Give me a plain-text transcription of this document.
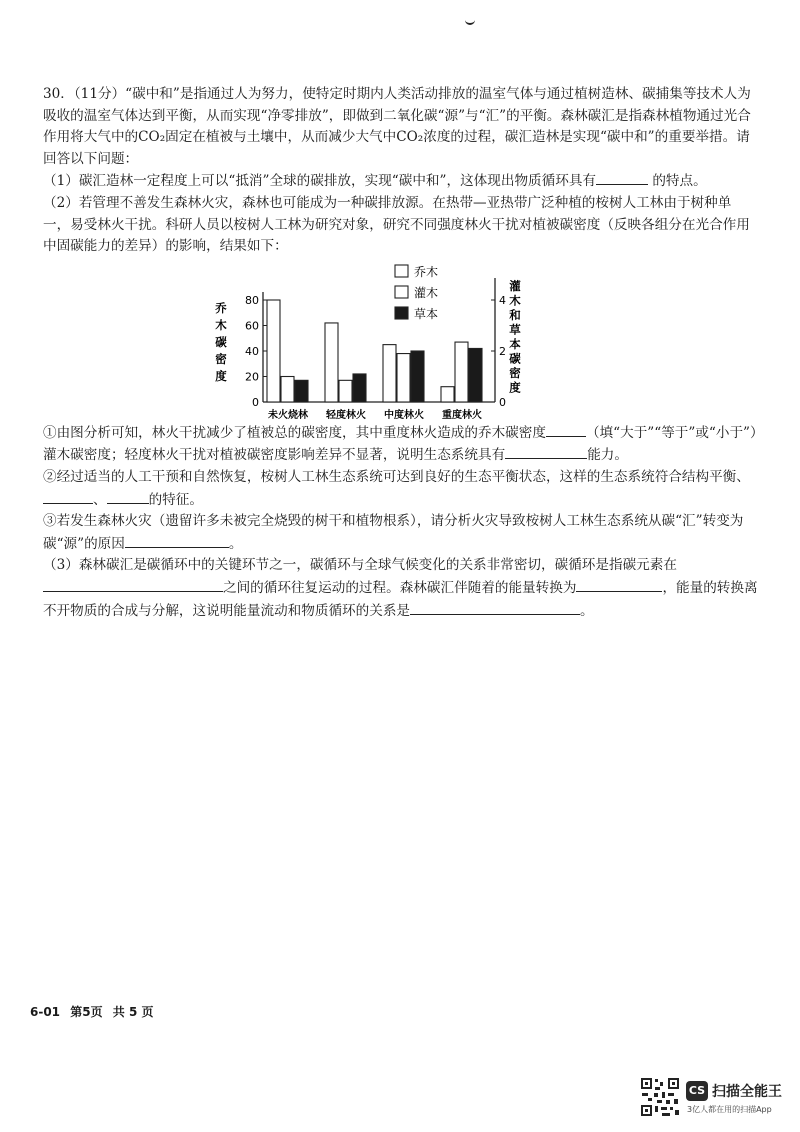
30．（11分）“碳中和”是指通过人为努力，使特定时期内人类活动排放的温室气体与通过植树造林、碳捕集等技术人为吸收的温室气体达到平衡，从而实现“净零排放”，即做到二氧化碳“源”与“汇”的平衡。森林碳汇是指森林植物通过光合作用将大气中的CO₂固定在植被与土壤中，从而减少大气中CO₂浓度的过程，碳汇造林是实现“碳中和”的重要举措。请回答以下问题：

（1）碳汇造林一定程度上可以“抵消”全球的碳排放，实现“碳中和”，这体现出物质循环具有	的特点。

（2）若管理不善发生森林火灾，森林也可能成为一种碳排放源。在热带—亚热带广泛种植的桉树人工林由于树种单一，易受林火干扰。科研人员以桉树人工林为研究对象，研究不同强度林火干扰对植被碳密度（反映各组分在光合作用中固碳能力的差异）的影响，结果如下：

0
20
40
60
80
0
2
4
乔
木
碳
密
度
灌
木
和
草
本
碳
密
度
未火烧林 轻度林火 中度林火 重度林火
乔木
灌木
草本

①由图分析可知，林火干扰减少了植被总的碳密度，其中重度林火造成的乔木碳密度	（填“大于”“等于”或“小于”）灌木碳密度；轻度林火干扰对植被碳密度影响差异不显著，说明生态系统具有	能力。

②经过适当的人工干预和自然恢复，桉树人工林生态系统可达到良好的生态平衡状态，这样的生态系统符合结构平衡、、	的特征。

③若发生森林火灾（遗留许多未被完全烧毁的树干和植物根系），请分析火灾导致桉树人工林生态系统从碳“汇”转变为碳“源”的原因	。

（3）森林碳汇是碳循环中的关键环节之一，碳循环与全球气候变化的关系非常密切，碳循环是指碳元素在之间的循环往复运动的过程。森林碳汇伴随着的能量转换为	，能量的转换离不开物质的合成与分解，这说明能量流动和物质循环的关系是	。

6-01 第5页 共 5 页
CS 扫描全能王
3亿人都在用的扫描App
